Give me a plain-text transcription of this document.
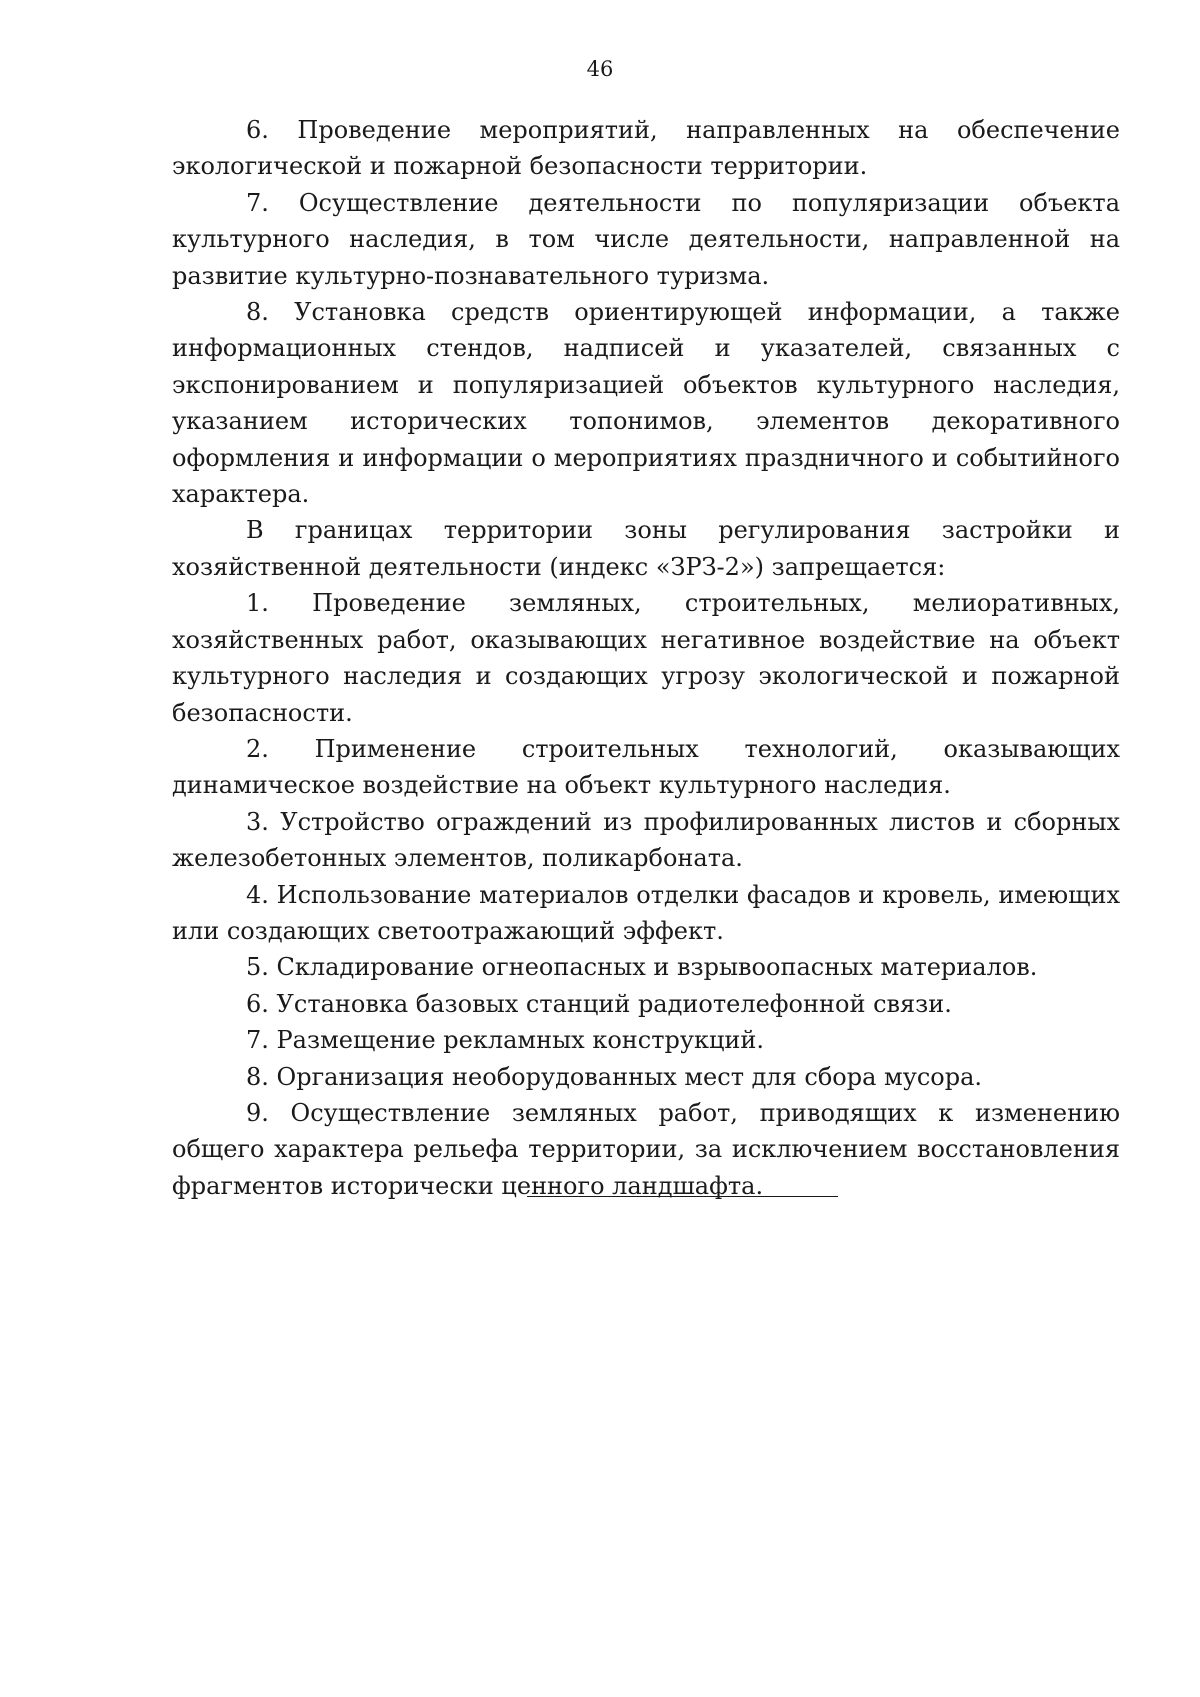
46

6. Проведение мероприятий, направленных на обеспечение экологической и пожарной безопасности территории.

7. Осуществление деятельности по популяризации объекта культурного наследия, в том числе деятельности, направленной на развитие культурно-познавательного туризма.

8. Установка средств ориентирующей информации, а также информационных стендов, надписей и указателей, связанных с экспонированием и популяризацией объектов культурного наследия, указанием исторических топонимов, элементов декоративного оформления и информации о мероприятиях праздничного и событийного характера.

В границах территории зоны регулирования застройки и хозяйственной деятельности (индекс «ЗРЗ-2») запрещается:

1. Проведение земляных, строительных, мелиоративных, хозяйственных работ, оказывающих негативное воздействие на объект культурного наследия и создающих угрозу экологической и пожарной безопасности.

2. Применение строительных технологий, оказывающих динамическое воздействие на объект культурного наследия.

3. Устройство ограждений из профилированных листов и сборных железобетонных элементов, поликарбоната.

4. Использование материалов отделки фасадов и кровель, имеющих или создающих светоотражающий эффект.

5. Складирование огнеопасных и взрывоопасных материалов.

6. Установка базовых станций радиотелефонной связи.

7. Размещение рекламных конструкций.

8. Организация необорудованных мест для сбора мусора.

9. Осуществление земляных работ, приводящих к изменению общего характера рельефа территории, за исключением восстановления фрагментов исторически ценного ландшафта.
